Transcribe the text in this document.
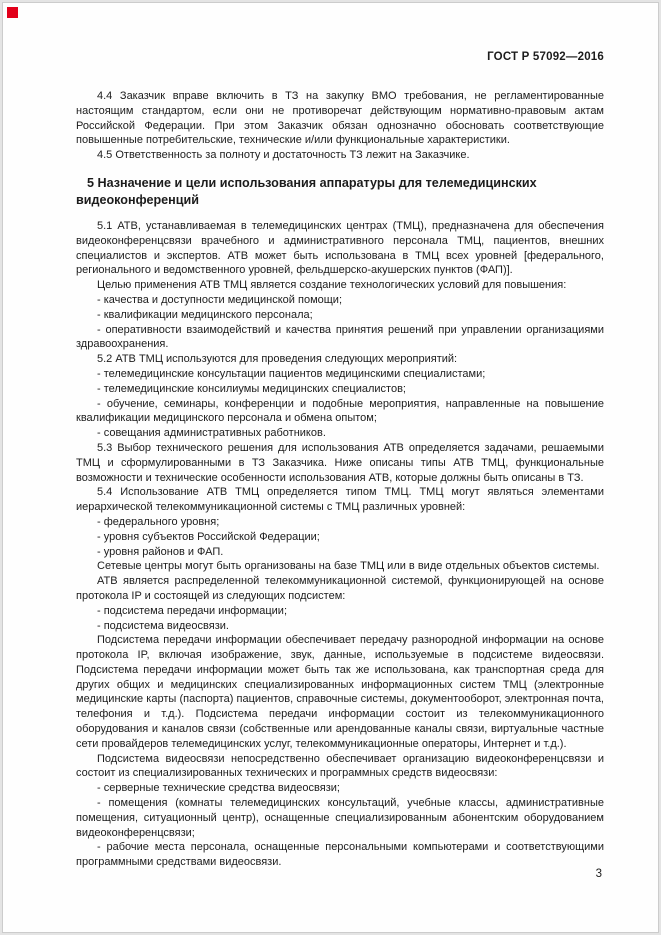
ГОСТ Р 57092—2016

4.4 Заказчик вправе включить в ТЗ на закупку ВМО требования, не регламентированные настоящим стандартом, если они не противоречат действующим нормативно-правовым актам Российской Федерации. При этом Заказчик обязан однозначно обосновать соответствующие повышенные потребительские, технические и/или функциональные характеристики.

4.5 Ответственность за полноту и достаточность ТЗ лежит на Заказчике.

5 Назначение и цели использования аппаратуры для телемедицинских видеоконференций

5.1 АТВ, устанавливаемая в телемедицинских центрах (ТМЦ), предназначена для обеспечения видеоконференцсвязи врачебного и административного персонала ТМЦ, пациентов, внешних специалистов и экспертов. АТВ может быть использована в ТМЦ всех уровней [федерального, регионального и ведомственного уровней, фельдшерско-акушерских пунктов (ФАП)].

Целью применения АТВ ТМЦ является создание технологических условий для повышения:

- качества и доступности медицинской помощи;

- квалификации медицинского персонала;

- оперативности взаимодействий и качества принятия решений при управлении организациями здравоохранения.

5.2 АТВ ТМЦ используются для проведения следующих мероприятий:

- телемедицинские консультации пациентов медицинскими специалистами;

- телемедицинские консилиумы медицинских специалистов;

- обучение, семинары, конференции и подобные мероприятия, направленные на повышение квалификации медицинского персонала и обмена опытом;

- совещания административных работников.

5.3 Выбор технического решения для использования АТВ определяется задачами, решаемыми ТМЦ и сформулированными в ТЗ Заказчика. Ниже описаны типы АТВ ТМЦ, функциональные возможности и технические особенности использования АТВ, которые должны быть описаны в ТЗ.

5.4 Использование АТВ ТМЦ определяется типом ТМЦ. ТМЦ могут являться элементами иерархической телекоммуникационной системы с ТМЦ различных уровней:

- федерального уровня;

- уровня субъектов Российской Федерации;

- уровня районов и ФАП.

Сетевые центры могут быть организованы на базе ТМЦ или в виде отдельных объектов системы.

АТВ является распределенной телекоммуникационной системой, функционирующей на основе протокола IP и состоящей из следующих подсистем:

- подсистема передачи информации;

- подсистема видеосвязи.

Подсистема передачи информации обеспечивает передачу разнородной информации на основе протокола IP, включая изображение, звук, данные, используемые в подсистеме видеосвязи. Подсистема передачи информации может быть так же использована, как транспортная среда для других общих и медицинских специализированных информационных систем ТМЦ (электронные медицинские карты (паспорта) пациентов, справочные системы, документооборот, электронная почта, телефония и т.д.). Подсистема передачи информации состоит из телекоммуникационного оборудования и каналов связи (собственные или арендованные каналы связи, виртуальные частные сети провайдеров телемедицинских услуг, телекоммуникационные операторы, Интернет и т.д.).

Подсистема видеосвязи непосредственно обеспечивает организацию видеоконференцсвязи и состоит из специализированных технических и программных средств видеосвязи:

- серверные технические средства видеосвязи;

- помещения (комнаты телемедицинских консультаций, учебные классы, административные помещения, ситуационный центр), оснащенные специализированным абонентским оборудованием видеоконференцсвязи;

- рабочие места персонала, оснащенные персональными компьютерами и соответствующими программными средствами видеосвязи.

3
